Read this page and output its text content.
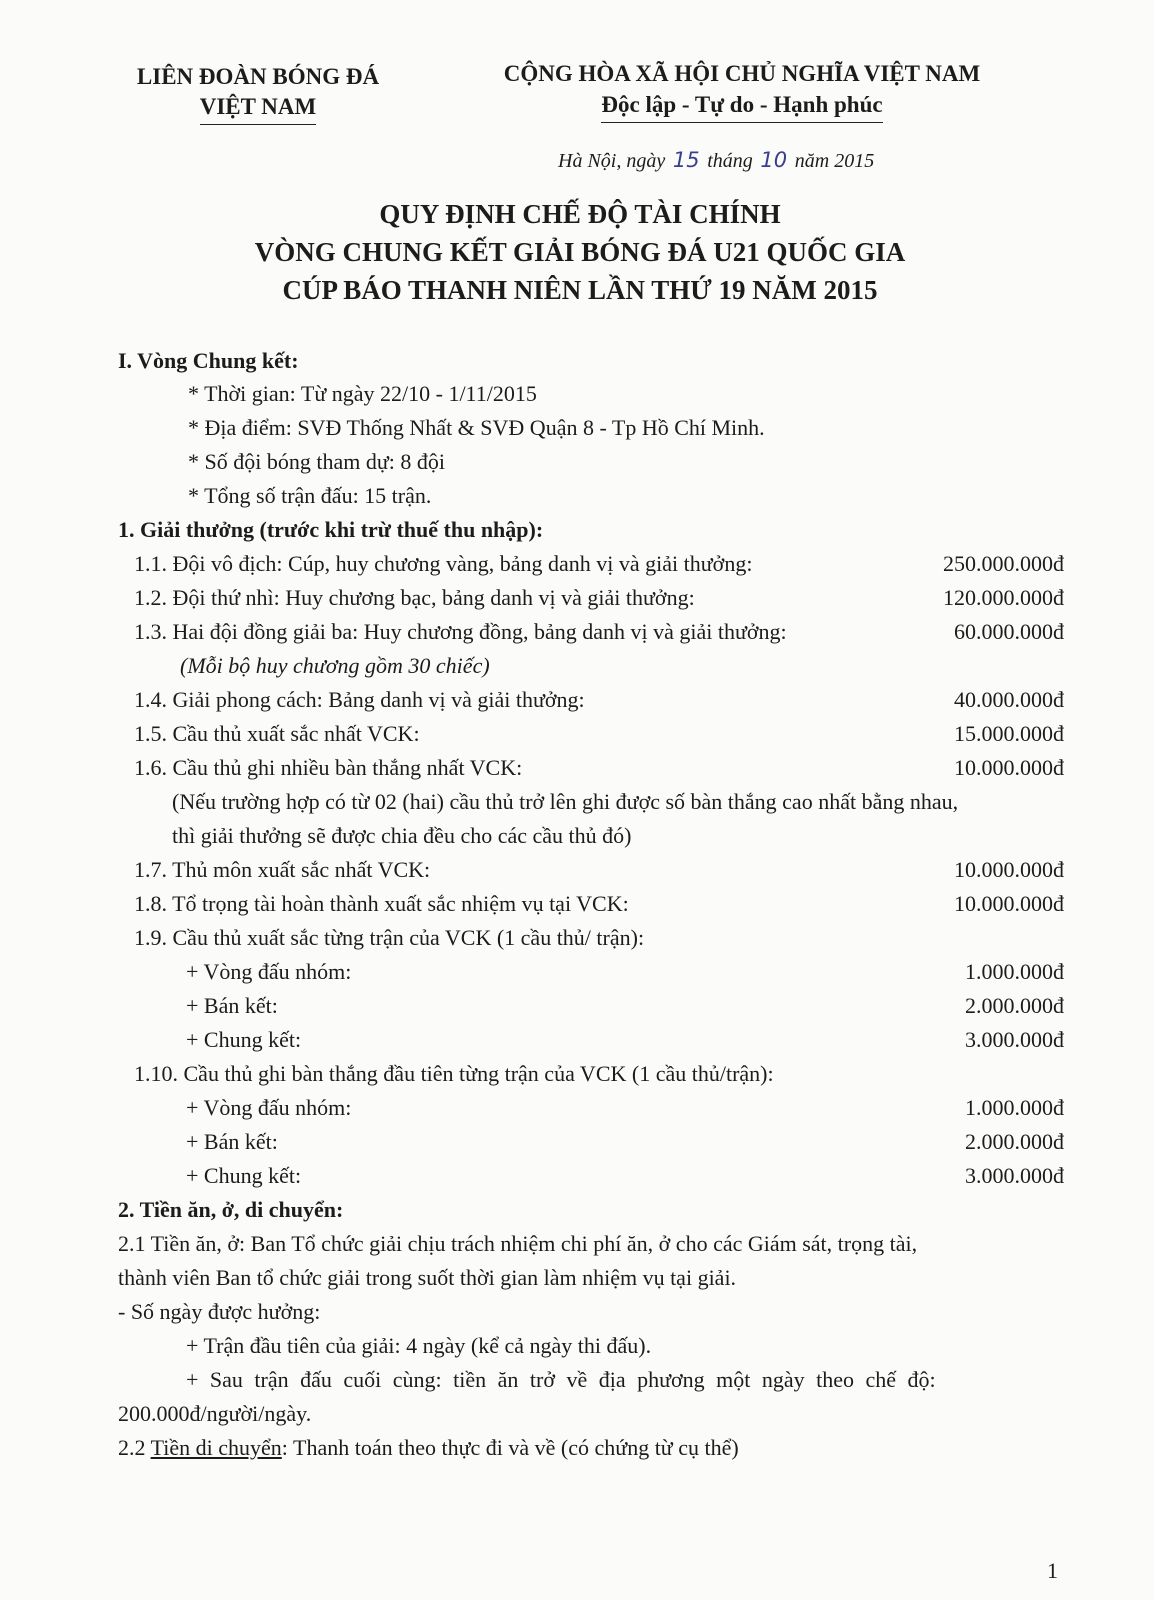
LIÊN ĐOÀN BÓNG ĐÁ
VIỆT NAM
CỘNG HÒA XÃ HỘI CHỦ NGHĨA VIỆT NAM
Độc lập - Tự do - Hạnh phúc
Hà Nội, ngày 15 tháng 10 năm 2015
QUY ĐỊNH CHẾ ĐỘ TÀI CHÍNH
VÒNG CHUNG KẾT GIẢI BÓNG ĐÁ U21 QUỐC GIA
CÚP BÁO THANH NIÊN LẦN THỨ 19 NĂM 2015
I. Vòng Chung kết:
* Thời gian: Từ ngày 22/10 - 1/11/2015
* Địa điểm: SVĐ Thống Nhất & SVĐ Quận 8 - Tp Hồ Chí Minh.
* Số đội bóng tham dự: 8 đội
* Tổng số trận đấu: 15 trận.
1. Giải thưởng (trước khi trừ thuế thu nhập):
1.1. Đội vô địch: Cúp, huy chương vàng, bảng danh vị và giải thưởng:	250.000.000đ
1.2. Đội thứ nhì: Huy chương bạc, bảng danh vị và giải thưởng:	120.000.000đ
1.3. Hai đội đồng giải ba: Huy chương đồng, bảng danh vị và giải thưởng:	60.000.000đ
(Mỗi bộ huy chương gồm 30 chiếc)
1.4. Giải phong cách: Bảng danh vị và giải thưởng:	40.000.000đ
1.5. Cầu thủ xuất sắc nhất VCK:	15.000.000đ
1.6. Cầu thủ ghi nhiều bàn thắng nhất VCK:	10.000.000đ
(Nếu trường hợp có từ 02 (hai) cầu thủ trở lên ghi được số bàn thắng cao nhất bằng nhau,
thì giải thưởng sẽ được chia đều cho các cầu thủ đó)
1.7. Thủ môn xuất sắc nhất VCK:	10.000.000đ
1.8. Tổ trọng tài hoàn thành xuất sắc nhiệm vụ tại VCK:	10.000.000đ
1.9. Cầu thủ xuất sắc từng trận của VCK (1 cầu thủ/ trận):
+ Vòng đấu nhóm:	1.000.000đ
+ Bán kết:	2.000.000đ
+ Chung kết:	3.000.000đ
1.10. Cầu thủ ghi bàn thắng đầu tiên từng trận của VCK (1 cầu thủ/trận):
+ Vòng đấu nhóm:	1.000.000đ
+ Bán kết:	2.000.000đ
+ Chung kết:	3.000.000đ
2. Tiền ăn, ở, di chuyển:
2.1 Tiền ăn, ở: Ban Tổ chức giải chịu trách nhiệm chi phí ăn, ở cho các Giám sát, trọng tài,
thành viên Ban tổ chức giải trong suốt thời gian làm nhiệm vụ tại giải.
- Số ngày được hưởng:
+ Trận đầu tiên của giải: 4 ngày (kể cả ngày thi đấu).
+ Sau trận đấu cuối cùng: tiền ăn trở về địa phương một ngày theo chế độ:
200.000đ/người/ngày.
2.2 Tiền di chuyển: Thanh toán theo thực đi và về (có chứng từ cụ thể)
1
